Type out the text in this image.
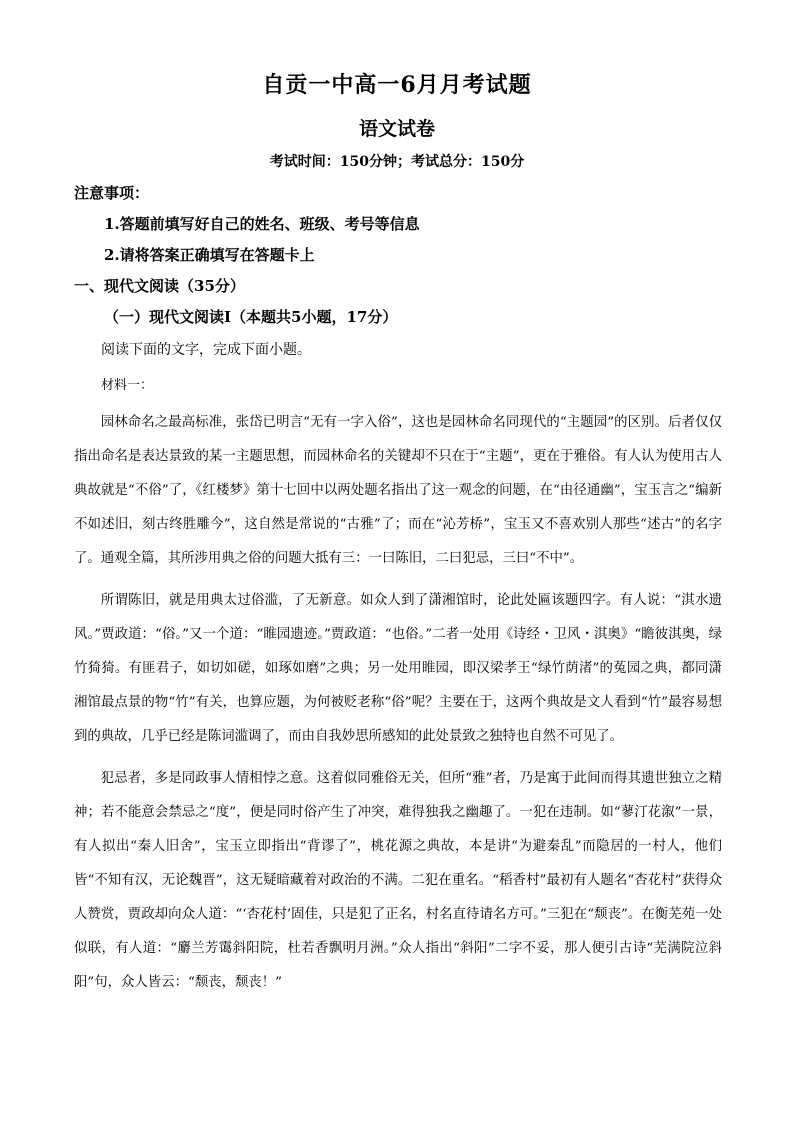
自贡一中高一6月月考试题
语文试卷
考试时间：150分钟；考试总分：150分
注意事项：
1.答题前填写好自己的姓名、班级、考号等信息
2.请将答案正确填写在答题卡上
一、现代文阅读（35分）
（一）现代文阅读Ⅰ（本题共5小题，17分）
阅读下面的文字，完成下面小题。
材料一：

园林命名之最高标准，张岱已明言“无有一字入俗”，这也是园林命名同现代的“主题园”的区别。后者仅仅指出命名是表达景致的某一主题思想，而园林命名的关键却不只在于“主题”，更在于雅俗。有人认为使用古人典故就是“不俗”了，《红楼梦》第十七回中以两处题名指出了这一观念的问题，在“由径通幽”，宝玉言之“编新不如述旧，刻古终胜雕今”，这自然是常说的“古雅”了；而在“沁芳桥”，宝玉又不喜欢别人那些“述古”的名字了。通观全篇，其所涉用典之俗的问题大抵有三：一曰陈旧，二曰犯忌，三曰“不中”。

所谓陈旧，就是用典太过俗滥，了无新意。如众人到了潇湘馆时，论此处匾该题四字。有人说：“淇水遗风。”贾政道：“俗。”又一个道：“睢园遗迹。”贾政道：“也俗。”二者一处用《诗经・卫风・淇奥》“瞻彼淇奥，绿竹猗猗。有匪君子，如切如磋，如琢如磨”之典；另一处用睢园，即汉梁孝王“绿竹荫渚”的菟园之典，都同潇湘馆最点景的物“竹”有关，也算应题，为何被贬老称“俗”呢？主要在于，这两个典故是文人看到“竹”最容易想到的典故，几乎已经是陈词滥调了，而由自我妙思所感知的此处景致之独特也自然不可见了。

犯忌者，多是同政事人情相悖之意。这着似同雅俗无关，但所“雅”者，乃是寓于此间而得其遗世独立之精神；若不能意会禁忌之“度”，便是同时俗产生了冲突，难得独我之幽趣了。一犯在违制。如“蓼汀花溆”一景，有人拟出“秦人旧舍”，宝玉立即指出“背谬了”，桃花源之典故，本是讲“为避秦乱”而隐居的一村人，他们皆“不知有汉，无论魏晋”，这无疑暗藏着对政治的不满。二犯在重名。“稻香村”最初有人题名“杏花村”获得众人赞赏，贾政却向众人道：“‘杏花村’固佳，只是犯了正名，村名直待请名方可。”三犯在“颓丧”。在衡芜苑一处似联，有人道：“麝兰芳霭斜阳院，杜若香飘明月洲。”众人指出“斜阳”二字不妥，那人便引古诗“芜满院泣斜阳”句，众人皆云：“颓丧，颓丧！”
